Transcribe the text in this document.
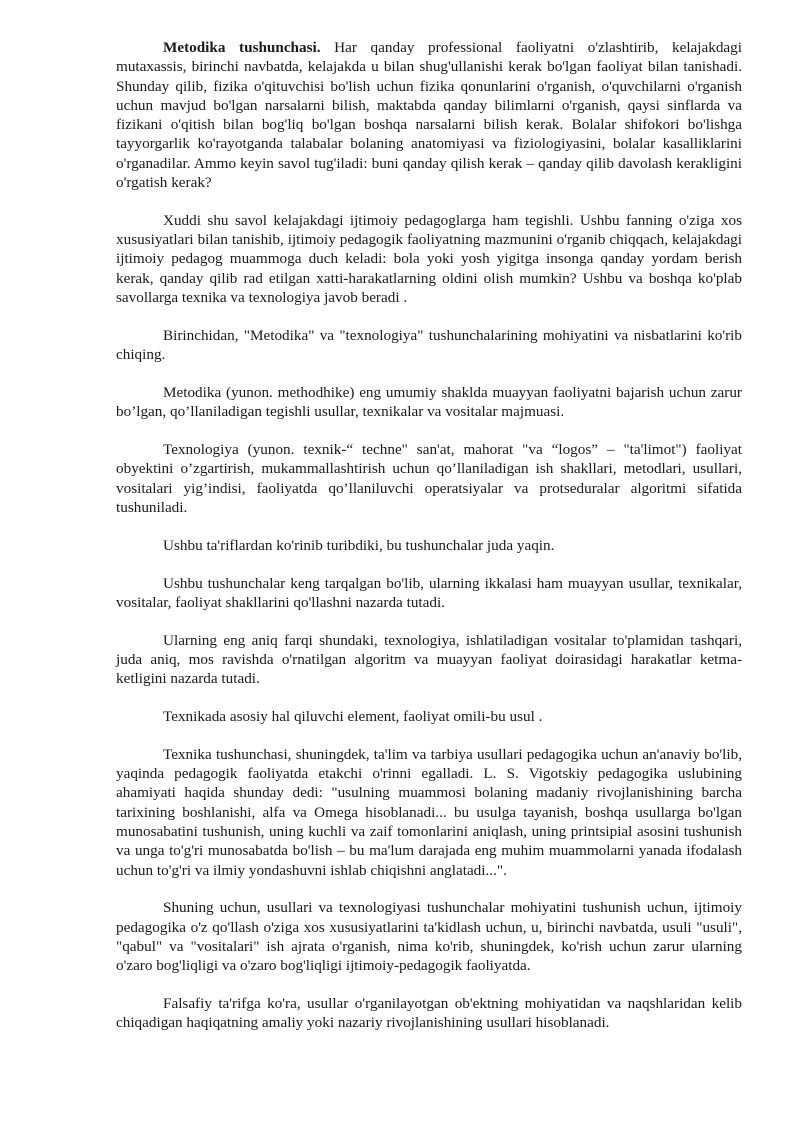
Metodika tushunchasi. Har qanday professional faoliyatni o'zlashtirib, kelajakdagi mutaxassis, birinchi navbatda, kelajakda u bilan shug'ullanishi kerak bo'lgan faoliyat bilan tanishadi. Shunday qilib, fizika o'qituvchisi bo'lish uchun fizika qonunlarini o'rganish, o'quvchilarni o'rganish uchun mavjud bo'lgan narsalarni bilish, maktabda qanday bilimlarni o'rganish, qaysi sinflarda va fizikani o'qitish bilan bog'liq bo'lgan boshqa narsalarni bilish kerak. Bolalar shifokori bo'lishga tayyorgarlik ko'rayotganda talabalar bolaning anatomiyasi va fiziologiyasini, bolalar kasalliklarini o'rganadilar. Ammo keyin savol tug'iladi: buni qanday qilish kerak – qanday qilib davolash kerakligini o'rgatish kerak?

Xuddi shu savol kelajakdagi ijtimoiy pedagoglarga ham tegishli. Ushbu fanning o'ziga xos xususiyatlari bilan tanishib, ijtimoiy pedagogik faoliyatning mazmunini o'rganib chiqqach, kelajakdagi ijtimoiy pedagog muammoga duch keladi: bola yoki yosh yigitga insonga qanday yordam berish kerak, qanday qilib rad etilgan xatti-harakatlarning oldini olish mumkin? Ushbu va boshqa ko'plab savollarga texnika va texnologiya javob beradi .

Birinchidan, "Metodika" va "texnologiya" tushunchalarining mohiyatini va nisbatlarini ko'rib chiqing.

Metodika (yunon. methodhike) eng umumiy shaklda muayyan faoliyatni bajarish uchun zarur bo’lgan, qo’llaniladigan tegishli usullar, texnikalar va vositalar majmuasi.

Texnologiya (yunon. texnik-“ techne" san'at, mahorat "va “logos” – "ta'limot") faoliyat obyektini o’zgartirish, mukammallashtirish uchun qo’llaniladigan ish shakllari, metodlari, usullari, vositalari yig’indisi, faoliyatda qo’llaniluvchi operatsiyalar va protseduralar algoritmi sifatida tushuniladi.

Ushbu ta'riflardan ko'rinib turibdiki, bu tushunchalar juda yaqin.

Ushbu tushunchalar keng tarqalgan bo'lib, ularning ikkalasi ham muayyan usullar, texnikalar, vositalar, faoliyat shakllarini qo'llashni nazarda tutadi.

Ularning eng aniq farqi shundaki, texnologiya, ishlatiladigan vositalar to'plamidan tashqari, juda aniq, mos ravishda o'rnatilgan algoritm va muayyan faoliyat doirasidagi harakatlar ketma-ketligini nazarda tutadi.

Texnikada asosiy hal qiluvchi element, faoliyat omili-bu usul .

Texnika tushunchasi, shuningdek, ta'lim va tarbiya usullari pedagogika uchun an'anaviy bo'lib, yaqinda pedagogik faoliyatda etakchi o'rinni egalladi. L. S. Vigotskiy pedagogika uslubining ahamiyati haqida shunday dedi: "usulning muammosi bolaning madaniy rivojlanishining barcha tarixining boshlanishi, alfa va Omega hisoblanadi... bu usulga tayanish, boshqa usullarga bo'lgan munosabatini tushunish, uning kuchli va zaif tomonlarini aniqlash, uning printsipial asosini tushunish va unga to'g'ri munosabatda bo'lish – bu ma'lum darajada eng muhim muammolarni yanada ifodalash uchun to'g'ri va ilmiy yondashuvni ishlab chiqishni anglatadi...".

Shuning uchun, usullari va texnologiyasi tushunchalar mohiyatini tushunish uchun, ijtimoiy pedagogika o'z qo'llash o'ziga xos xususiyatlarini ta'kidlash uchun, u, birinchi navbatda, usuli "usuli", "qabul" va "vositalari" ish ajrata o'rganish, nima ko'rib, shuningdek, ko'rish uchun zarur ularning o'zaro bog'liqligi va o'zaro bog'liqligi ijtimoiy-pedagogik faoliyatda.

Falsafiy ta'rifga ko'ra, usullar o'rganilayotgan ob'ektning mohiyatidan va naqshlaridan kelib chiqadigan haqiqatning amaliy yoki nazariy rivojlanishining usullari hisoblanadi.
